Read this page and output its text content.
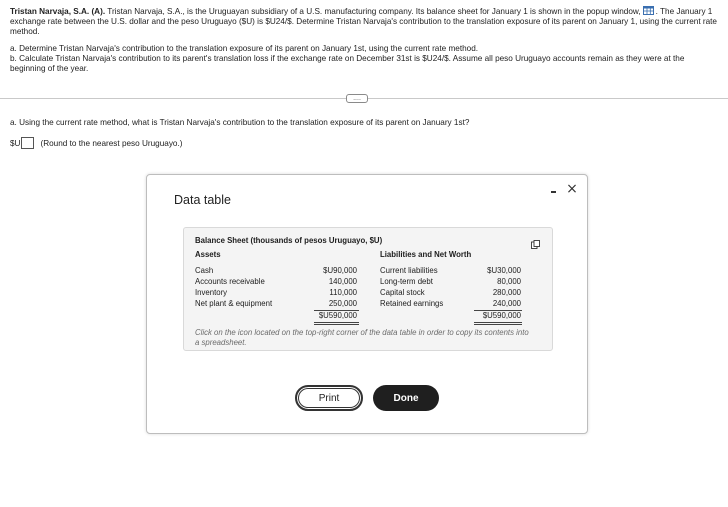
Tristan Narvaja, S.A. (A). Tristan Narvaja, S.A., is the Uruguayan subsidiary of a U.S. manufacturing company. Its balance sheet for January 1 is shown in the popup window, . The January 1 exchange rate between the U.S. dollar and the peso Uruguayo ($U) is $U24/$. Determine Tristan Narvaja's contribution to the translation exposure of its parent on January 1, using the current rate method.

a. Determine Tristan Narvaja's contribution to the translation exposure of its parent on January 1st, using the current rate method.

b. Calculate Tristan Narvaja's contribution to its parent's translation loss if the exchange rate on December 31st is $U24/$. Assume all peso Uruguayo accounts remain as they were at the beginning of the year.

....
a. Using the current rate method, what is Tristan Narvaja's contribution to the translation exposure of its parent on January 1st?
$U (Round to the nearest peso Uruguayo.)
Data table
×
Balance Sheet (thousands of pesos Uruguayo, $U)
Assets	Liabilities and Net Worth
Cash	$U90,000	Current liabilities	$U30,000
Accounts receivable	140,000	Long-term debt	80,000
Inventory	110,000	Capital stock	280,000
Net plant & equipment	250,000	Retained earnings	240,000
$U590,000	$U590,000
Click on the icon located on the top-right corner of the data table in order to copy its contents into a spreadsheet.
Print	Done
